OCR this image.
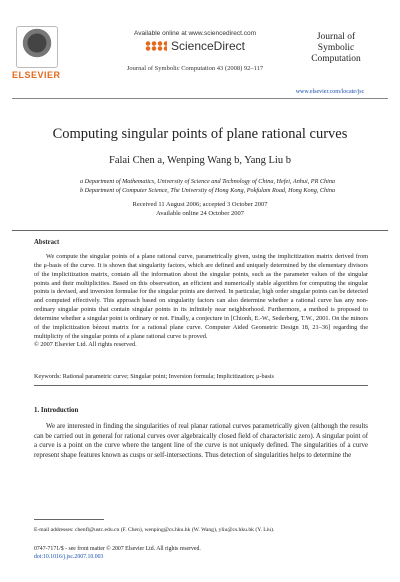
ELSEVIER
Available online at www.sciencedirect.com
ScienceDirect
Journal of Symbolic Computation 43 (2008) 92–117
Journal of Symbolic Computation
www.elsevier.com/locate/jsc
Computing singular points of plane rational curves
Falai Chen a, Wenping Wang b, Yang Liu b
a Department of Mathematics, University of Science and Technology of China, Hefei, Anhui, PR China
b Department of Computer Science, The University of Hong Kong, Pokfulam Road, Hong Kong, China
Received 11 August 2006; accepted 3 October 2007
Available online 24 October 2007
Abstract

We compute the singular points of a plane rational curve, parametrically given, using the implicitization matrix derived from the μ-basis of the curve. It is shown that singularity factors, which are defined and uniquely determined by the elementary divisors of the implicitization matrix, contain all the information about the singular points, such as the parameter values of the singular points and their multiplicities. Based on this observation, an efficient and numerically stable algorithm for computing the singular points is devised, and inversion formulae for the singular points are derived. In particular, high order singular points can be detected and computed effectively. This approach based on singularity factors can also determine whether a rational curve has any non-ordinary singular points that contain singular points in its infinitely near neighborhood. Furthermore, a method is proposed to determine whether a singular point is ordinary or not. Finally, a conjecture in [Chionh, E.-W., Sederberg, T.W., 2001. On the minors of the implicitization bézout matrix for a rational plane curve. Computer Aided Geometric Design 18, 21–36] regarding the multiplicity of the singular points of a plane rational curve is proved.

© 2007 Elsevier Ltd. All rights reserved.

Keywords: Rational parametric curve; Singular point; Inversion formula; Implicitization; μ-basis
1. Introduction

We are interested in finding the singularities of real planar rational curves parametrically given (although the results can be carried out in general for rational curves over algebraically closed field of characteristic zero). A singular point of a curve is a point on the curve where the tangent line of the curve is not uniquely defined. The singularities of a curve represent shape features known as cusps or self-intersections. Thus detection of singularities helps to determine the

E-mail addresses: chenfl@ustc.edu.cn (F. Chen), wenping@cs.hku.hk (W. Wang), yliu@cs.hku.hk (Y. Liu).
0747-7171/$ - see front matter © 2007 Elsevier Ltd. All rights reserved.
doi:10.1016/j.jsc.2007.10.003
